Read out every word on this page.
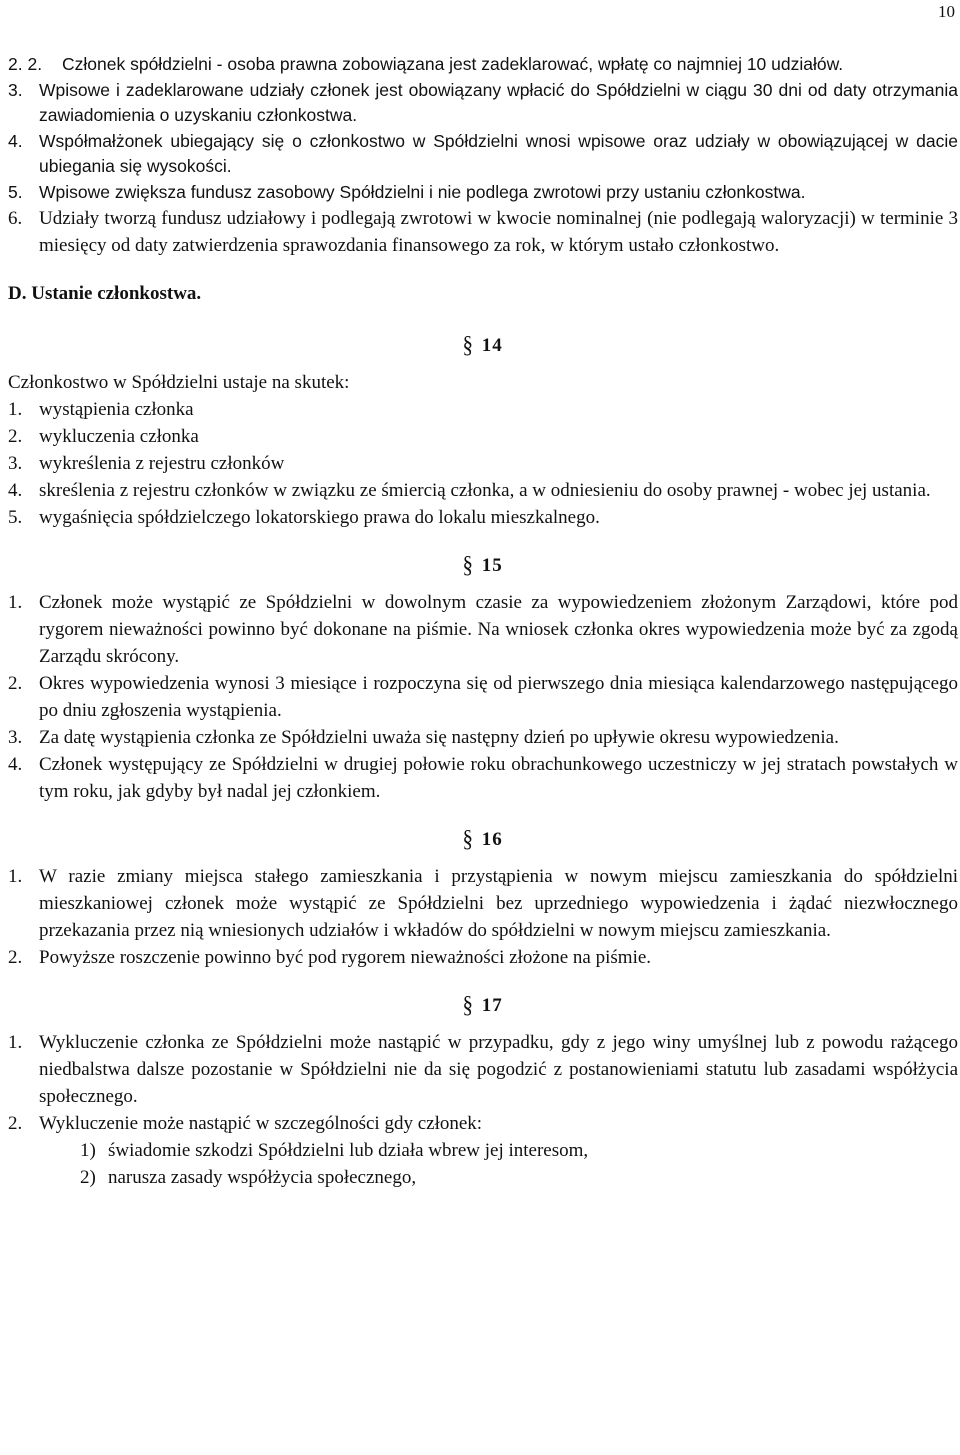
10
2. 2.	Członek spółdzielni - osoba prawna zobowiązana jest zadeklarować, wpłatę co najmniej 10 udziałów.
3. Wpisowe i zadeklarowane udziały członek jest obowiązany wpłacić do Spółdzielni w ciągu 30 dni od daty otrzymania zawiadomienia o uzyskaniu członkostwa.
4. Współmałżonek ubiegający się o członkostwo w Spółdzielni wnosi wpisowe oraz udziały w obowiązującej w dacie ubiegania się wysokości.
5. Wpisowe zwiększa fundusz zasobowy Spółdzielni i nie podlega zwrotowi przy ustaniu członkostwa.
6. Udziały tworzą fundusz udziałowy i podlegają zwrotowi w kwocie nominalnej (nie podlegają waloryzacji) w terminie 3 miesięcy od daty zatwierdzenia sprawozdania finansowego za rok, w którym ustało członkostwo.
D. Ustanie członkostwa.
§ 14
Członkostwo w Spółdzielni ustaje na skutek:
1. wystąpienia członka
2. wykluczenia członka
3. wykreślenia z rejestru członków
4. skreślenia z rejestru członków w związku ze śmiercią członka, a w odniesieniu do osoby prawnej - wobec jej ustania.
5. wygaśnięcia spółdzielczego lokatorskiego prawa do lokalu mieszkalnego.
§ 15
1. Członek może wystąpić ze Spółdzielni w dowolnym czasie za wypowiedzeniem złożonym Zarządowi, które pod rygorem nieważności powinno być dokonane na piśmie. Na wniosek członka okres wypowiedzenia może być za zgodą Zarządu skrócony.
2. Okres wypowiedzenia wynosi 3 miesiące i rozpoczyna się od pierwszego dnia miesiąca kalendarzowego następującego po dniu zgłoszenia wystąpienia.
3. Za datę wystąpienia członka ze Spółdzielni uważa się następny dzień po upływie okresu wypowiedzenia.
4. Członek występujący ze Spółdzielni w drugiej połowie roku obrachunkowego uczestniczy w jej stratach powstałych w tym roku, jak gdyby był nadal jej członkiem.
§ 16
1. W razie zmiany miejsca stałego zamieszkania i przystąpienia w nowym miejscu zamieszkania do spółdzielni mieszkaniowej członek może wystąpić ze Spółdzielni bez uprzedniego wypowiedzenia i żądać niezwłocznego przekazania przez nią wniesionych udziałów i wkładów do spółdzielni w nowym miejscu zamieszkania.
2. Powyższe roszczenie powinno być pod rygorem nieważności złożone na piśmie.
§ 17
1. Wykluczenie członka ze Spółdzielni może nastąpić w przypadku, gdy z jego winy umyślnej lub z powodu rażącego niedbalstwa dalsze pozostanie w Spółdzielni nie da się pogodzić z postanowieniami statutu lub zasadami współżycia społecznego.
2. Wykluczenie może nastąpić w szczególności gdy członek:
1) świadomie szkodzi Spółdzielni lub działa wbrew jej interesom,
2) narusza zasady współżycia społecznego,
